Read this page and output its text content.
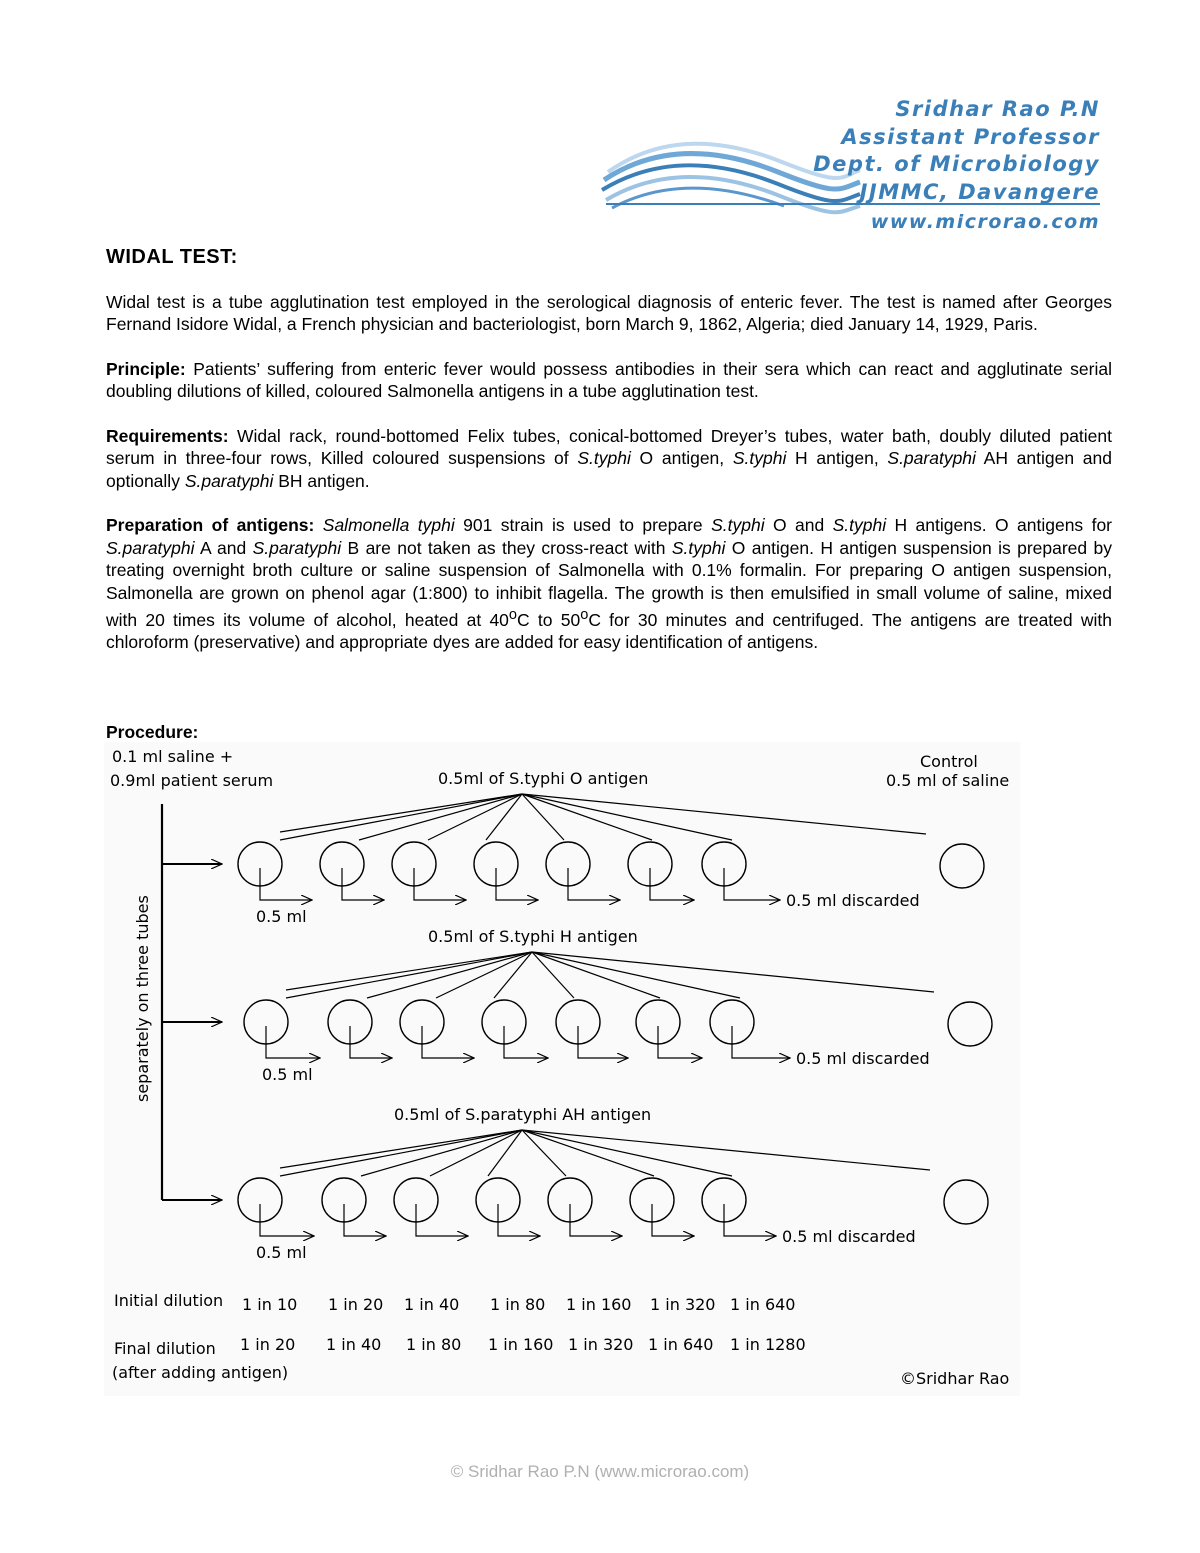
Sridhar Rao P.N
Assistant Professor
Dept. of Microbiology
JJMMC, Davangere
www.microrao.com
WIDAL TEST:

Widal test is a tube agglutination test employed in the serological diagnosis of enteric fever. The test is named after Georges Fernand Isidore Widal, a French physician and bacteriologist, born March 9, 1862, Algeria; died January 14, 1929, Paris.

Principle: Patients’ suffering from enteric fever would possess antibodies in their sera which can react and agglutinate serial doubling dilutions of killed, coloured Salmonella antigens in a tube agglutination test.

Requirements: Widal rack, round-bottomed Felix tubes, conical-bottomed Dreyer’s tubes, water bath, doubly diluted patient serum in three-four rows, Killed coloured suspensions of S.typhi O antigen, S.typhi H antigen, S.paratyphi AH antigen and optionally S.paratyphi BH antigen.

Preparation of antigens: Salmonella typhi 901 strain is used to prepare S.typhi O and S.typhi H antigens. O antigens for S.paratyphi A and S.paratyphi B are not taken as they cross-react with S.typhi O antigen. H antigen suspension is prepared by treating overnight broth culture or saline suspension of Salmonella with 0.1% formalin. For preparing O antigen suspension, Salmonella are grown on phenol agar (1:800) to inhibit flagella. The growth is then emulsified in small volume of saline, mixed with 20 times its volume of alcohol, heated at 40$^o$C to 50$^o$C for 30 minutes and centrifuged. The antigens are treated with chloroform (preservative) and appropriate dyes are added for easy identification of antigens.

Procedure:
0.1 ml saline +
0.9ml patient serum
Control
0.5 ml of saline
separately on three tubes
0.5ml of S.typhi O antigen
0.5 ml
0.5 ml discarded
0.5ml of S.typhi H antigen
0.5 ml
0.5 ml discarded
0.5ml of S.paratyphi AH antigen
0.5 ml
0.5 ml discarded
Initial dilution
Final dilution
(after adding antigen)
1 in 10 1 in 20 1 in 40 1 in 80 1 in 160 1 in 320 1 in 640
1 in 20 1 in 40 1 in 80 1 in 160 1 in 320 1 in 640 1 in 1280
©Sridhar Rao
© Sridhar Rao P.N (www.microrao.com)
